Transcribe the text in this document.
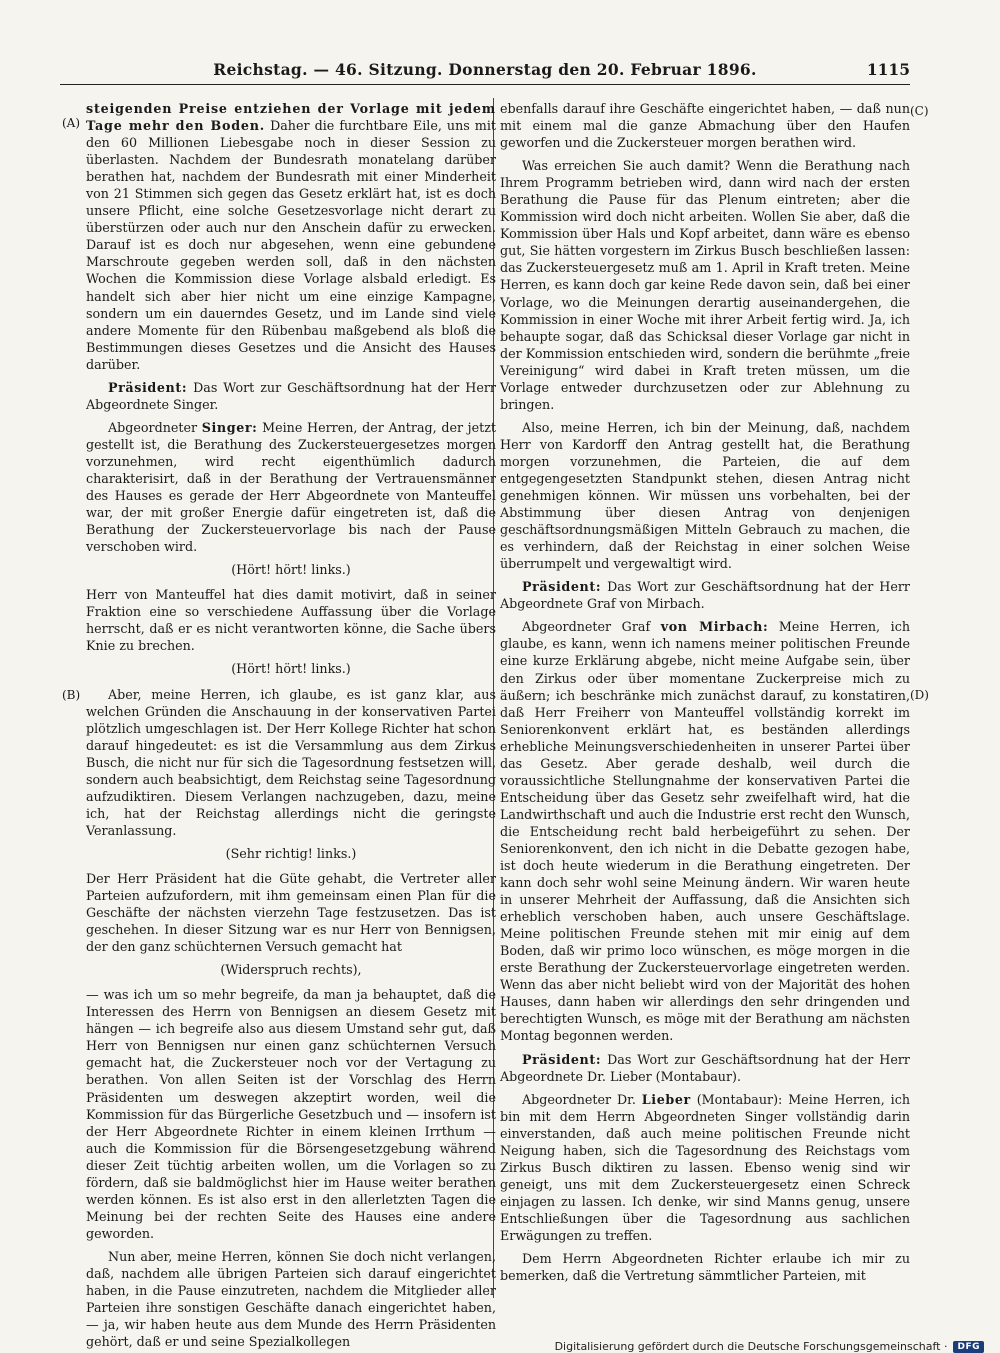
Reichstag. — 46. Sitzung. Donnerstag den 20. Februar 1896.	1115
(A)
(B)
(C)
(D)

steigenden Preise entziehen der Vorlage mit jedem Tage mehr den Boden. Daher die furchtbare Eile, uns mit den 60 Millionen Liebesgabe noch in dieser Session zu überlasten. Nachdem der Bundesrath monatelang darüber berathen hat, nachdem der Bundesrath mit einer Minderheit von 21 Stimmen sich gegen das Gesetz erklärt hat, ist es doch unsere Pflicht, eine solche Gesetzesvorlage nicht derart zu überstürzen oder auch nur den Anschein dafür zu erwecken. Darauf ist es doch nur abgesehen, wenn eine gebundene Marschroute gegeben werden soll, daß in den nächsten Wochen die Kommission diese Vorlage alsbald erledigt. Es handelt sich aber hier nicht um eine einzige Kampagne, sondern um ein dauerndes Gesetz, und im Lande sind viele andere Momente für den Rübenbau maßgebend als bloß die Bestimmungen dieses Gesetzes und die Ansicht des Hauses darüber.

Präsident: Das Wort zur Geschäftsordnung hat der Herr Abgeordnete Singer.

Abgeordneter Singer: Meine Herren, der Antrag, der jetzt gestellt ist, die Berathung des Zuckersteuergesetzes morgen vorzunehmen, wird recht eigenthümlich dadurch charakterisirt, daß in der Berathung der Vertrauensmänner des Hauses es gerade der Herr Abgeordnete von Manteuffel war, der mit großer Energie dafür eingetreten ist, daß die Berathung der Zuckersteuervorlage bis nach der Pause verschoben wird.

(Hört! hört! links.)

Herr von Manteuffel hat dies damit motivirt, daß in seiner Fraktion eine so verschiedene Auffassung über die Vorlage herrscht, daß er es nicht verantworten könne, die Sache übers Knie zu brechen.

(Hört! hört! links.)

Aber, meine Herren, ich glaube, es ist ganz klar, aus welchen Gründen die Anschauung in der konservativen Partei plötzlich umgeschlagen ist. Der Herr Kollege Richter hat schon darauf hingedeutet: es ist die Versammlung aus dem Zirkus Busch, die nicht nur für sich die Tagesordnung festsetzen will, sondern auch beabsichtigt, dem Reichstag seine Tagesordnung aufzudiktiren. Diesem Verlangen nachzugeben, dazu, meine ich, hat der Reichstag allerdings nicht die geringste Veranlassung.

(Sehr richtig! links.)

Der Herr Präsident hat die Güte gehabt, die Vertreter aller Parteien aufzufordern, mit ihm gemeinsam einen Plan für die Geschäfte der nächsten vierzehn Tage festzusetzen. Das ist geschehen. In dieser Sitzung war es nur Herr von Bennigsen, der den ganz schüchternen Versuch gemacht hat

(Widerspruch rechts),

— was ich um so mehr begreife, da man ja behauptet, daß die Interessen des Herrn von Bennigsen an diesem Gesetz mit hängen — ich begreife also aus diesem Umstand sehr gut, daß Herr von Bennigsen nur einen ganz schüchternen Versuch gemacht hat, die Zuckersteuer noch vor der Vertagung zu berathen. Von allen Seiten ist der Vorschlag des Herrn Präsidenten um deswegen akzeptirt worden, weil die Kommission für das Bürgerliche Gesetzbuch und — insofern ist der Herr Abgeordnete Richter in einem kleinen Irrthum — auch die Kommission für die Börsengesetzgebung während dieser Zeit tüchtig arbeiten wollen, um die Vorlagen so zu fördern, daß sie baldmöglichst hier im Hause weiter berathen werden können. Es ist also erst in den allerletzten Tagen die Meinung bei der rechten Seite des Hauses eine andere geworden.

Nun aber, meine Herren, können Sie doch nicht verlangen, daß, nachdem alle übrigen Parteien sich darauf eingerichtet haben, in die Pause einzutreten, nachdem die Mitglieder aller Parteien ihre sonstigen Geschäfte danach eingerichtet haben, — ja, wir haben heute aus dem Munde des Herrn Präsidenten gehört, daß er und seine Spezialkollegen

ebenfalls darauf ihre Geschäfte eingerichtet haben, — daß nun mit einem mal die ganze Abmachung über den Haufen geworfen und die Zuckersteuer morgen berathen wird.

Was erreichen Sie auch damit? Wenn die Berathung nach Ihrem Programm betrieben wird, dann wird nach der ersten Berathung die Pause für das Plenum eintreten; aber die Kommission wird doch nicht arbeiten. Wollen Sie aber, daß die Kommission über Hals und Kopf arbeitet, dann wäre es ebenso gut, Sie hätten vorgestern im Zirkus Busch beschließen lassen: das Zuckersteuergesetz muß am 1. April in Kraft treten. Meine Herren, es kann doch gar keine Rede davon sein, daß bei einer Vorlage, wo die Meinungen derartig auseinandergehen, die Kommission in einer Woche mit ihrer Arbeit fertig wird. Ja, ich behaupte sogar, daß das Schicksal dieser Vorlage gar nicht in der Kommission entschieden wird, sondern die berühmte „freie Vereinigung“ wird dabei in Kraft treten müssen, um die Vorlage entweder durchzusetzen oder zur Ablehnung zu bringen.

Also, meine Herren, ich bin der Meinung, daß, nachdem Herr von Kardorff den Antrag gestellt hat, die Berathung morgen vorzunehmen, die Parteien, die auf dem entgegengesetzten Standpunkt stehen, diesen Antrag nicht genehmigen können. Wir müssen uns vorbehalten, bei der Abstimmung über diesen Antrag von denjenigen geschäftsordnungsmäßigen Mitteln Gebrauch zu machen, die es verhindern, daß der Reichstag in einer solchen Weise überrumpelt und vergewaltigt wird.

Präsident: Das Wort zur Geschäftsordnung hat der Herr Abgeordnete Graf von Mirbach.

Abgeordneter Graf von Mirbach: Meine Herren, ich glaube, es kann, wenn ich namens meiner politischen Freunde eine kurze Erklärung abgebe, nicht meine Aufgabe sein, über den Zirkus oder über momentane Zuckerpreise mich zu äußern; ich beschränke mich zunächst darauf, zu konstatiren, daß Herr Freiherr von Manteuffel vollständig korrekt im Seniorenkonvent erklärt hat, es beständen allerdings erhebliche Meinungsverschiedenheiten in unserer Partei über das Gesetz. Aber gerade deshalb, weil durch die voraussichtliche Stellungnahme der konservativen Partei die Entscheidung über das Gesetz sehr zweifelhaft wird, hat die Landwirthschaft und auch die Industrie erst recht den Wunsch, die Entscheidung recht bald herbeigeführt zu sehen. Der Seniorenkonvent, den ich nicht in die Debatte gezogen habe, ist doch heute wiederum in die Berathung eingetreten. Der kann doch sehr wohl seine Meinung ändern. Wir waren heute in unserer Mehrheit der Auffassung, daß die Ansichten sich erheblich verschoben haben, auch unsere Geschäftslage. Meine politischen Freunde stehen mit mir einig auf dem Boden, daß wir primo loco wünschen, es möge morgen in die erste Berathung der Zuckersteuervorlage eingetreten werden. Wenn das aber nicht beliebt wird von der Majorität des hohen Hauses, dann haben wir allerdings den sehr dringenden und berechtigten Wunsch, es möge mit der Berathung am nächsten Montag begonnen werden.

Präsident: Das Wort zur Geschäftsordnung hat der Herr Abgeordnete Dr. Lieber (Montabaur).

Abgeordneter Dr. Lieber (Montabaur): Meine Herren, ich bin mit dem Herrn Abgeordneten Singer vollständig darin einverstanden, daß auch meine politischen Freunde nicht Neigung haben, sich die Tagesordnung des Reichstags vom Zirkus Busch diktiren zu lassen. Ebenso wenig sind wir geneigt, uns mit dem Zuckersteuergesetz einen Schreck einjagen zu lassen. Ich denke, wir sind Manns genug, unsere Entschließungen über die Tagesordnung aus sachlichen Erwägungen zu treffen.

Dem Herrn Abgeordneten Richter erlaube ich mir zu bemerken, daß die Vertretung sämmtlicher Parteien, mit

Digitalisierung gefördert durch die Deutsche Forschungsgemeinschaft ·	DFG
